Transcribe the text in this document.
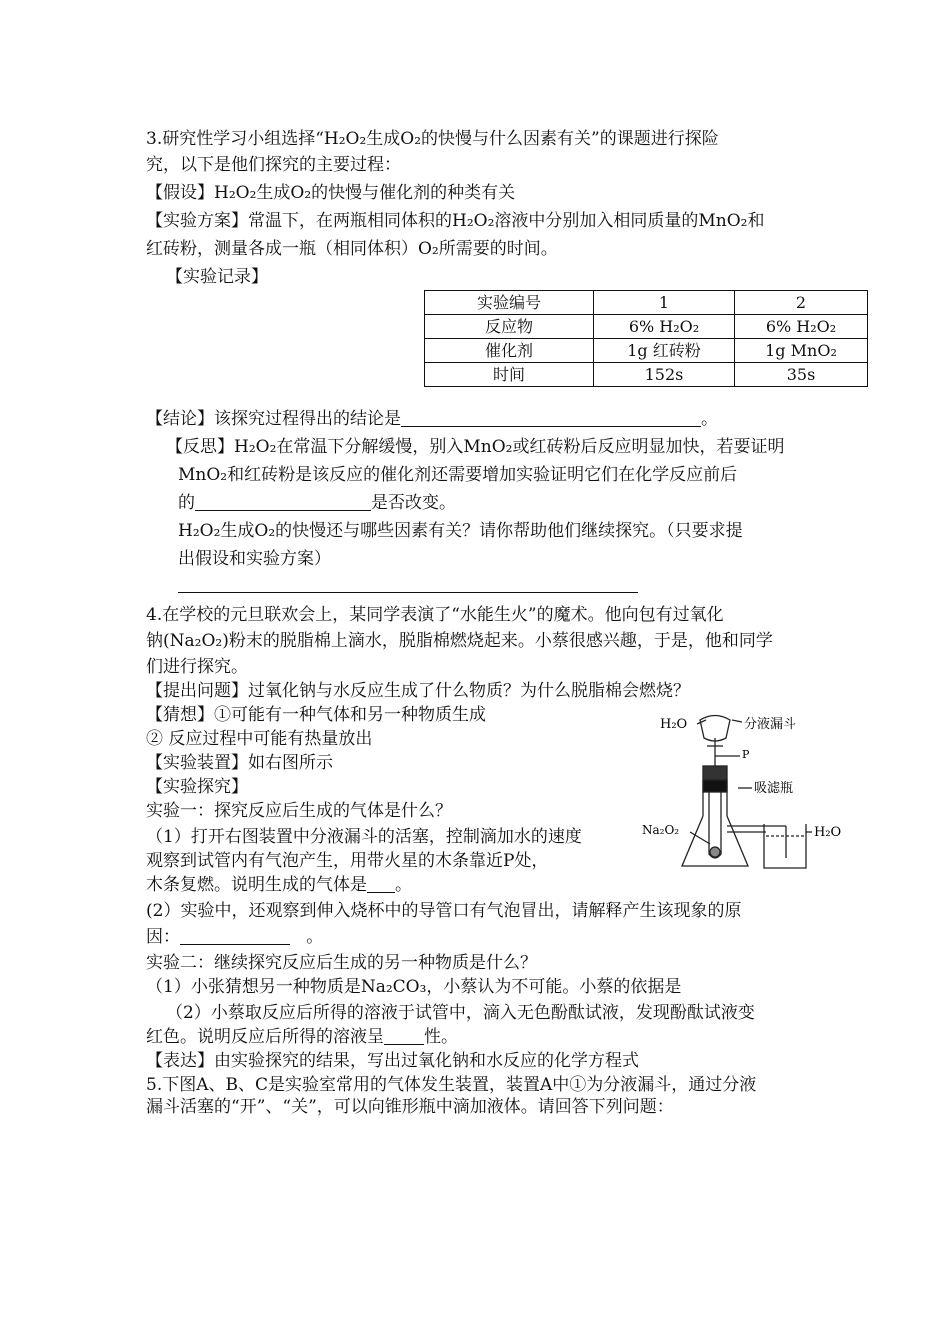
3.研究性学习小组选择“H₂O₂生成O₂的快慢与什么因素有关”的课题进行探险
究，以下是他们探究的主要过程：
【假设】H₂O₂生成O₂的快慢与催化剂的种类有关
【实验方案】常温下，在两瓶相同体积的H₂O₂溶液中分别加入相同质量的MnO₂和
红砖粉，测量各成一瓶（相同体积）O₂所需要的时间。
【实验记录】
实验编号	1	2
反应物	6% H₂O₂	6% H₂O₂
催化剂	1g 红砖粉	1g MnO₂
时间	152s	35s
【结论】该探究过程得出的结论是	。
【反思】H₂O₂在常温下分解缓慢，别入MnO₂或红砖粉后反应明显加快，若要证明
MnO₂和红砖粉是该反应的催化剂还需要增加实验证明它们在化学反应前后
的	是否改变。
H₂O₂生成O₂的快慢还与哪些因素有关？请你帮助他们继续探究。（只要求提
出假设和实验方案）
4.在学校的元旦联欢会上，某同学表演了“水能生火”的魔术。他向包有过氧化
钠(Na₂O₂)粉末的脱脂棉上滴水，脱脂棉燃烧起来。小蔡很感兴趣，于是，他和同学
们进行探究。
【提出问题】过氧化钠与水反应生成了什么物质？为什么脱脂棉会燃烧？
【猜想】①可能有一种气体和另一种物质生成
② 反应过程中可能有热量放出
【实验装置】如右图所示
【实验探究】
实验一：探究反应后生成的气体是什么？
（1）打开右图装置中分液漏斗的活塞，控制滴加水的速度
观察到试管内有气泡产生，用带火星的木条靠近P处，
木条复燃。说明生成的气体是 。
(2）实验中，还观察到伸入烧杯中的导管口有气泡冒出，请解释产生该现象的原
因：	。
实验二：继续探究反应后生成的另一种物质是什么？
（1）小张猜想另一种物质是Na₂CO₃，小蔡认为不可能。小蔡的依据是
（2）小蔡取反应后所得的溶液于试管中，滴入无色酚酞试液，发现酚酞试液变
红色。说明反应后所得的溶液呈 性。
【表达】由实验探究的结果，写出过氧化钠和水反应的化学方程式
5.下图A、B、C是实验室常用的气体发生装置，装置A中①为分液漏斗，通过分液
漏斗活塞的“开”、“关”，可以向锥形瓶中滴加液体。请回答下列问题：
H₂O	分液漏斗
P
吸滤瓶
Na₂O₂	H₂O
